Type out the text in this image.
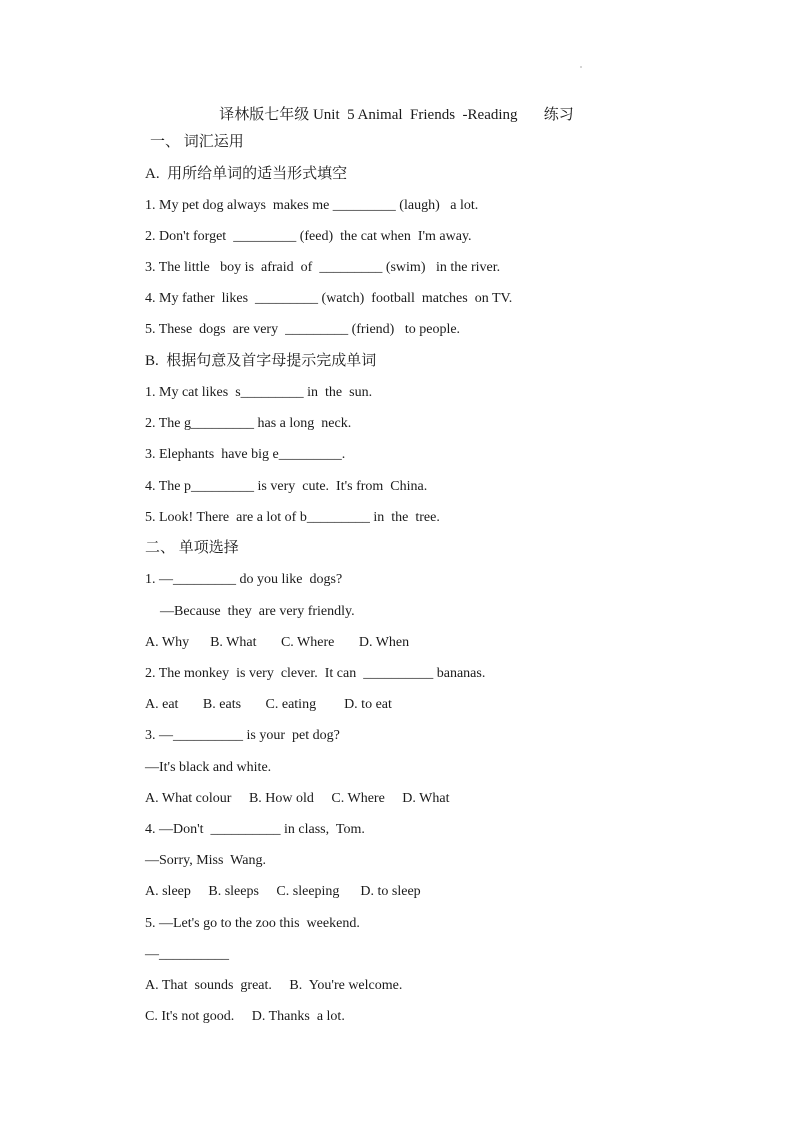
译林版七年级 Unit  5 Animal  Friends  -Reading       练习
一、 词汇运用
A.  用所给单词的适当形式填空
1. My pet dog always  makes me _________ (laugh)   a lot.
2. Don't forget  _________ (feed)  the cat when  I'm away.
3. The little   boy is  afraid  of  _________ (swim)   in the river.
4. My father  likes  _________ (watch)  football  matches  on TV.
5. These  dogs  are very  _________ (friend)   to people.
B.  根据句意及首字母提示完成单词
1. My cat likes  s_________ in  the  sun.
2. The g_________ has a long  neck.
3. Elephants  have big e_________.
4. The p_________ is very  cute.  It's from  China.
5. Look! There  are a lot of b_________ in  the  tree.
二、 单项选择
1. —_________ do you like  dogs?
—Because  they  are very friendly.
A. Why      B. What       C. Where       D. When
2. The monkey  is very  clever.  It can  __________ bananas.
A. eat       B. eats       C. eating        D. to eat
3. —__________ is your  pet dog?
—It's black and white.
A. What colour     B. How old     C. Where     D. What
4. —Don't  __________ in class,  Tom.
—Sorry, Miss  Wang.
A. sleep     B. sleeps     C. sleeping      D. to sleep
5. —Let's go to the zoo this  weekend.
—__________
A. That  sounds  great.     B.  You're welcome.
C. It's not good.     D. Thanks  a lot.
